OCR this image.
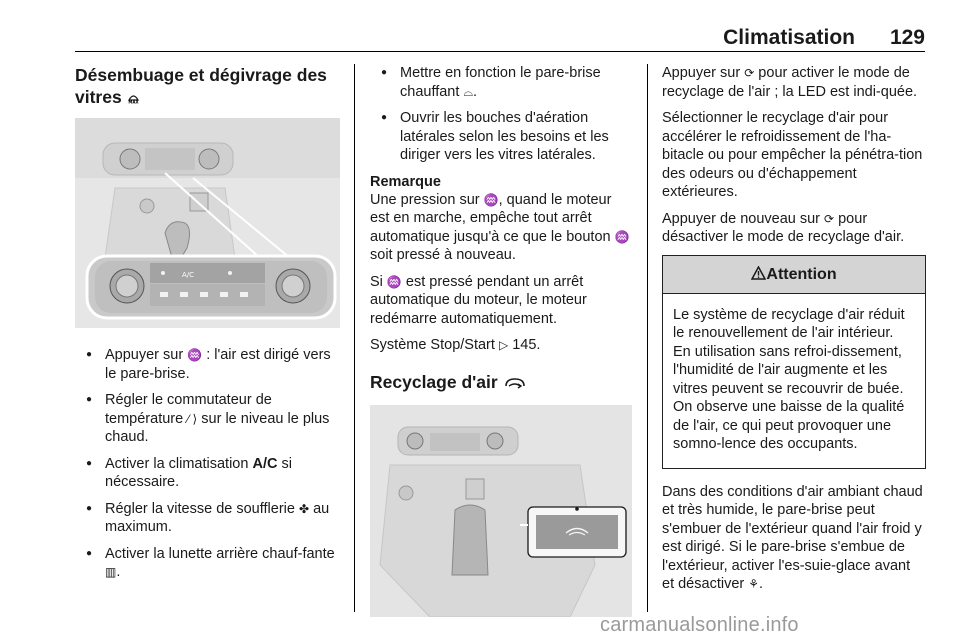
Climatisation 129
Désembuage et dégivrage des vitres MAX
A/C
● Appuyer sur ♒ : l'air est dirigé vers le pare-brise.
● Régler le commutateur de température ⁄ ⟩ sur le niveau le plus chaud.
● Activer la climatisation A/C si nécessaire.
● Régler la vitesse de soufflerie ✤ au maximum.
● Activer la lunette arrière chauf-fante ▥.
● Mettre en fonction le pare-brise chauffant ⌓.
● Ouvrir les bouches d'aération latérales selon les besoins et les diriger vers les vitres latérales.
Remarque

Une pression sur ♒, quand le moteur est en marche, empêche tout arrêt automatique jusqu'à ce que le bouton ♒ soit pressé à nouveau.

Si ♒ est pressé pendant un arrêt automatique du moteur, le moteur redémarre automatiquement.

Système Stop/Start ▷ 145.

Recyclage d'air

Appuyer sur ⟳ pour activer le mode de recyclage de l'air ; la LED est indi-quée.

Sélectionner le recyclage d'air pour accélérer le refroidissement de l'ha-bitacle ou pour empêcher la pénétra-tion des odeurs ou d'échappement extérieures.

Appuyer de nouveau sur ⟳ pour désactiver le mode de recyclage d'air.

Attention

Le système de recyclage d'air réduit le renouvellement de l'air intérieur. En utilisation sans refroi-dissement, l'humidité de l'air augmente et les vitres peuvent se recouvrir de buée. On observe une baisse de la qualité de l'air, ce qui peut provoquer une somno-lence des occupants.

Dans des conditions d'air ambiant chaud et très humide, le pare-brise peut s'embuer de l'extérieur quand l'air froid y est dirigé. Si le pare-brise s'embue de l'extérieur, activer l'es-suie-glace avant et désactiver ⚘.

carmanualsonline.info
